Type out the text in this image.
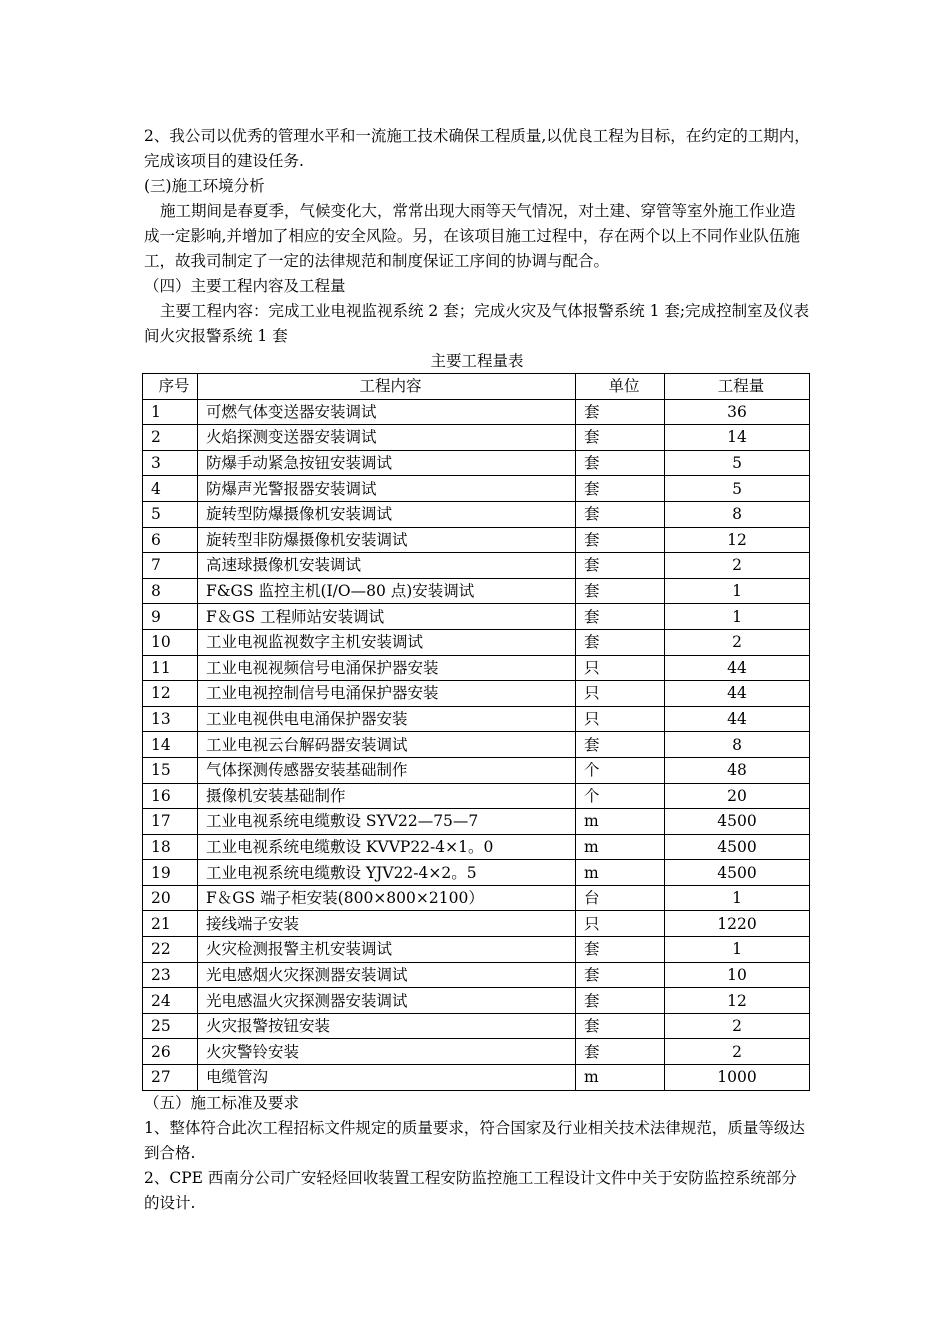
2、我公司以优秀的管理水平和一流施工技术确保工程质量,以优良工程为目标，在约定的工期内，完成该项目的建设任务.

(三)施工环境分析

施工期间是春夏季，气候变化大，常常出现大雨等天气情况，对土建、穿管等室外施工作业造成一定影响,并增加了相应的安全风险。另，在该项目施工过程中，存在两个以上不同作业队伍施工，故我司制定了一定的法律规范和制度保证工序间的协调与配合。

（四）主要工程内容及工程量

主要工程内容：完成工业电视监视系统 2 套；完成火灾及气体报警系统 1 套;完成控制室及仪表间火灾报警系统 1 套

主要工程量表

序号	工程内容	单位	工程量
1	可燃气体变送器安装调试	套	36
2	火焰探测变送器安装调试	套	14
3	防爆手动紧急按钮安装调试	套	5
4	防爆声光警报器安装调试	套	5
5	旋转型防爆摄像机安装调试	套	8
6	旋转型非防爆摄像机安装调试	套	12
7	高速球摄像机安装调试	套	2
8	F&GS 监控主机(I/O—80 点)安装调试	套	1
9	F＆GS 工程师站安装调试	套	1
10	工业电视监视数字主机安装调试	套	2
11	工业电视视频信号电涌保护器安装	只	44
12	工业电视控制信号电涌保护器安装	只	44
13	工业电视供电电涌保护器安装	只	44
14	工业电视云台解码器安装调试	套	8
15	气体探测传感器安装基础制作	个	48
16	摄像机安装基础制作	个	20
17	工业电视系统电缆敷设 SYV22—75—7	m	4500
18	工业电视系统电缆敷设 KVVP22-4×1。0	m	4500
19	工业电视系统电缆敷设 YJV22-4×2。5	m	4500
20	F＆GS 端子柜安装(800×800×2100）	台	1
21	接线端子安装	只	1220
22	火灾检测报警主机安装调试	套	1
23	光电感烟火灾探测器安装调试	套	10
24	光电感温火灾探测器安装调试	套	12
25	火灾报警按钮安装	套	2
26	火灾警铃安装	套	2
27	电缆管沟	m	1000

（五）施工标准及要求

1、整体符合此次工程招标文件规定的质量要求，符合国家及行业相关技术法律规范，质量等级达到合格.

2、CPE 西南分公司广安轻烃回收装置工程安防监控施工工程设计文件中关于安防监控系统部分的设计.
